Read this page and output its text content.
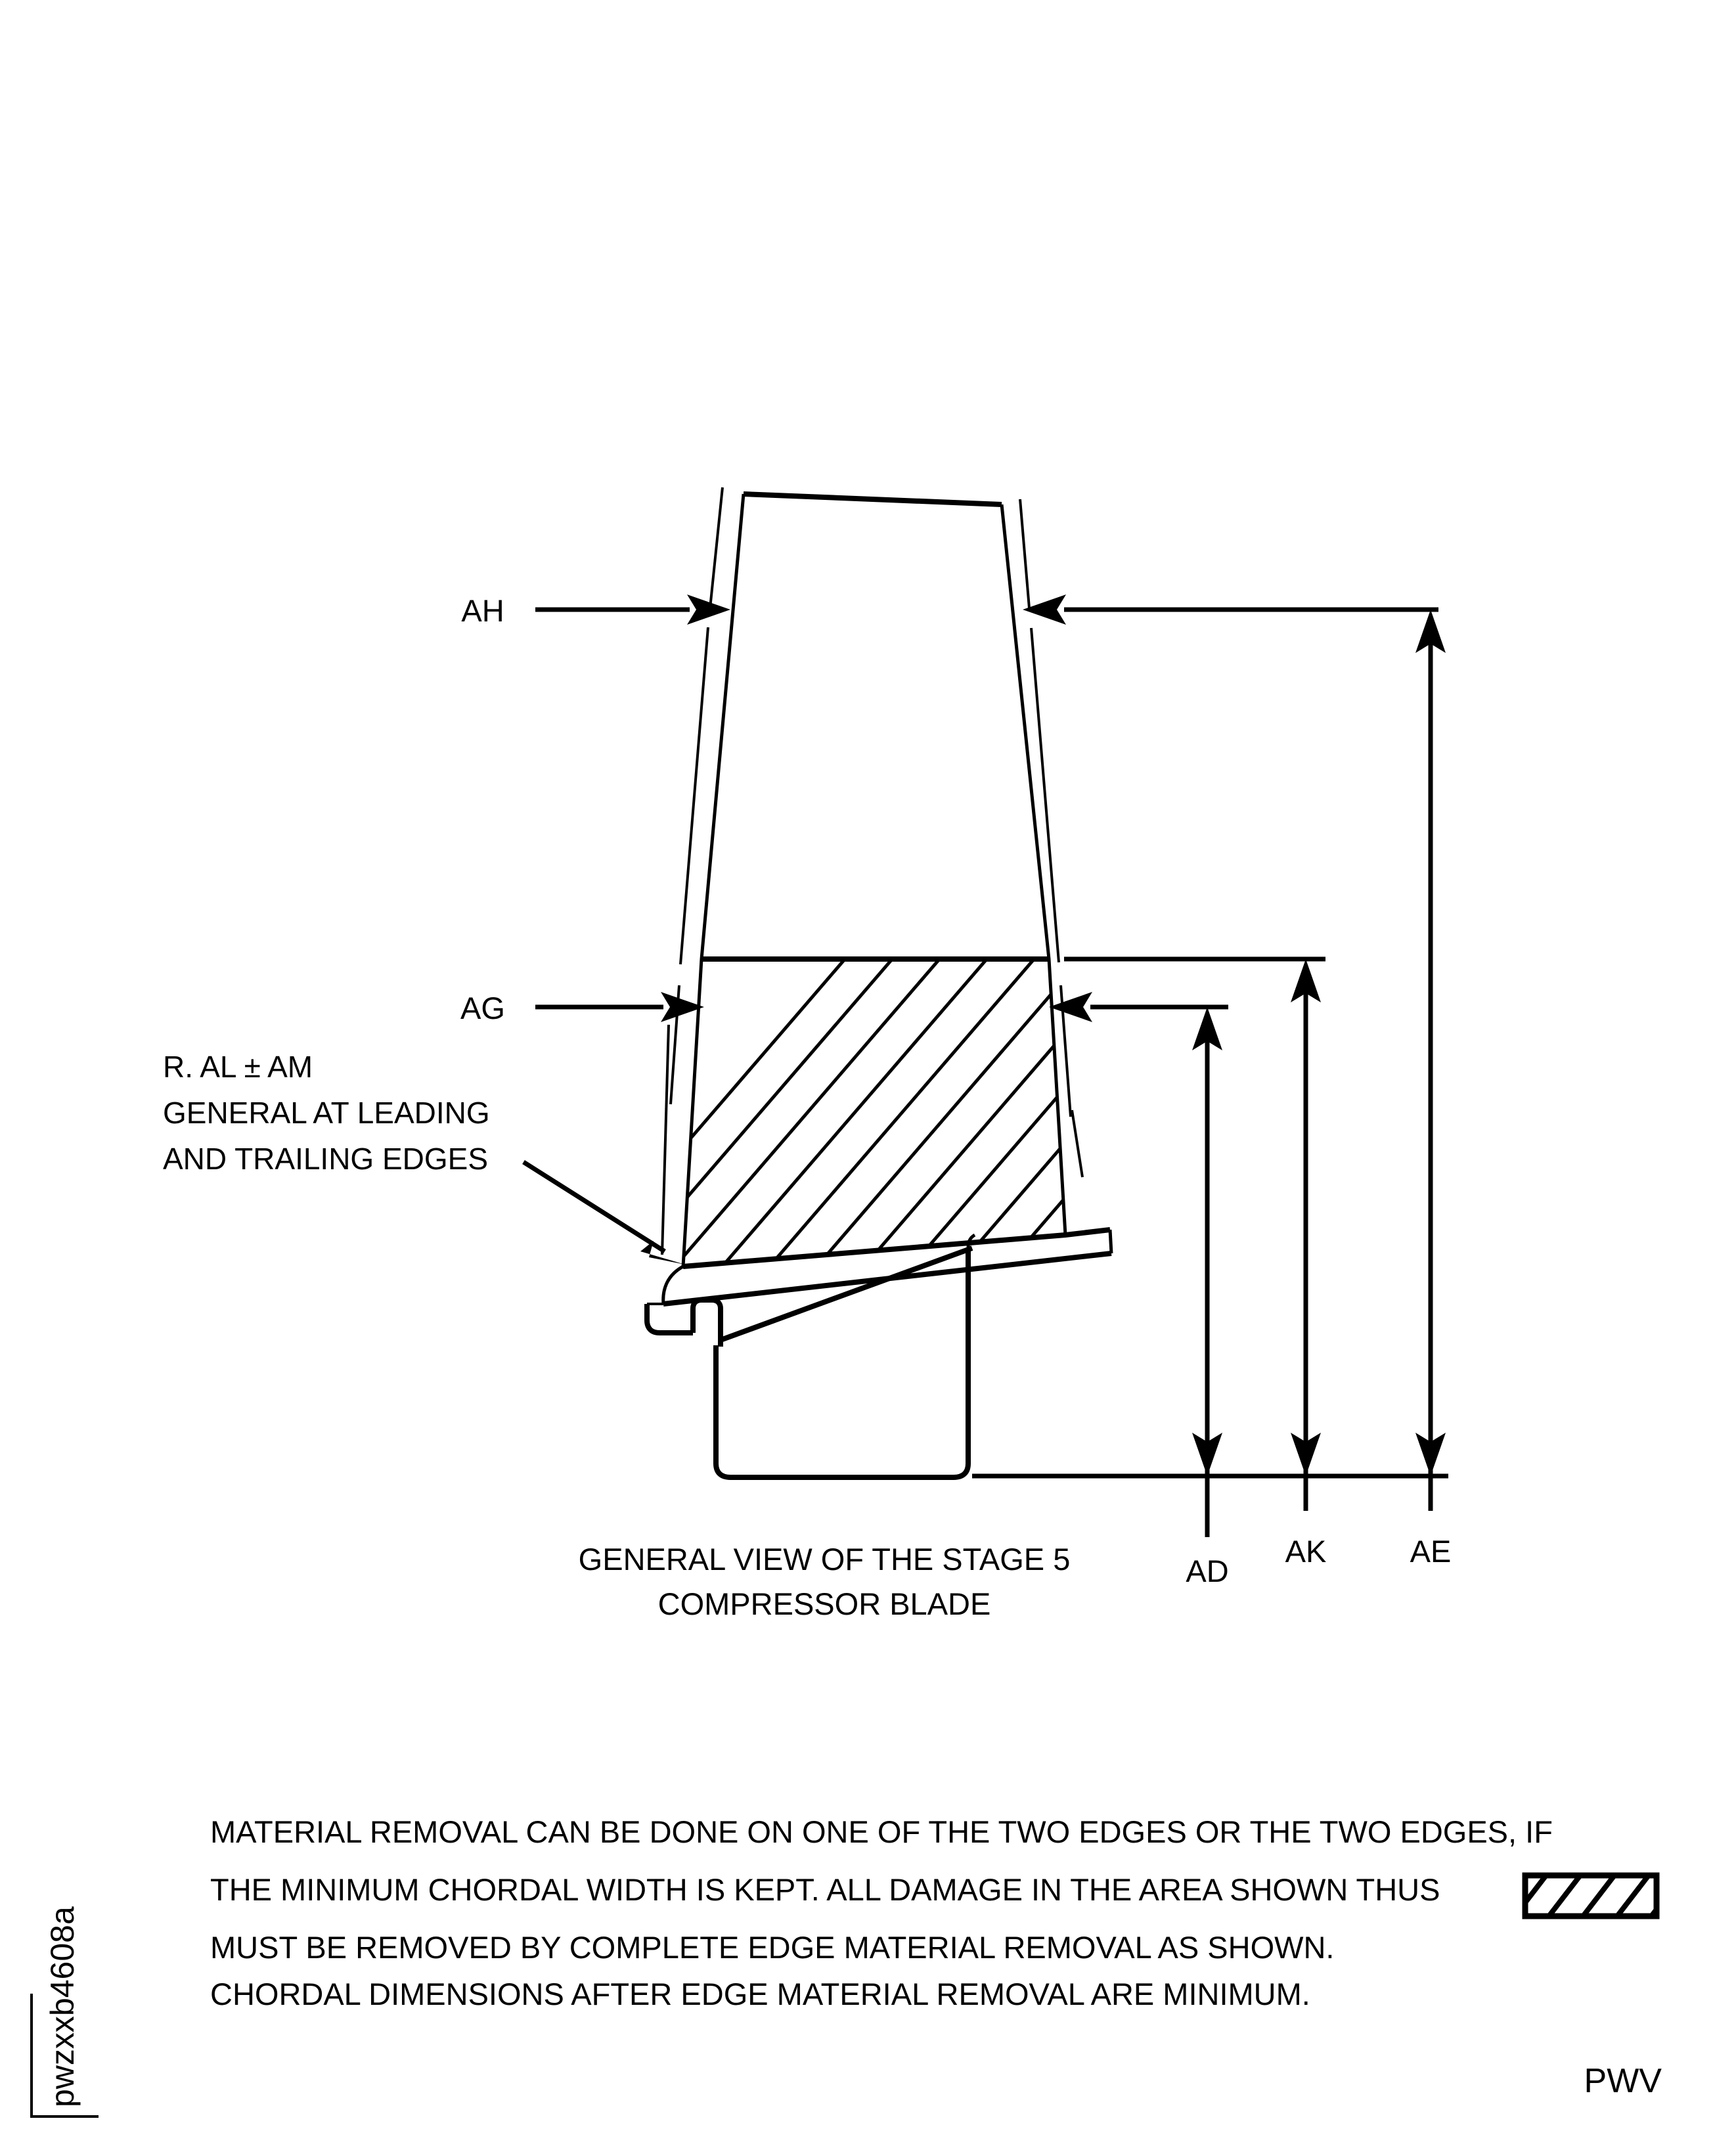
AH
AG
AD
AK	AE
R. AL ± AM
GENERAL AT LEADING
AND TRAILING EDGES
GENERAL VIEW OF THE STAGE 5
COMPRESSOR BLADE
MATERIAL REMOVAL CAN BE DONE ON ONE OF THE TWO EDGES OR THE TWO EDGES, IF
THE MINIMUM CHORDAL WIDTH IS KEPT. ALL DAMAGE IN THE AREA SHOWN THUS
MUST BE REMOVED BY COMPLETE EDGE MATERIAL REMOVAL AS SHOWN.
CHORDAL DIMENSIONS AFTER EDGE MATERIAL REMOVAL ARE MINIMUM.
pwzxxb4608a	PWV
